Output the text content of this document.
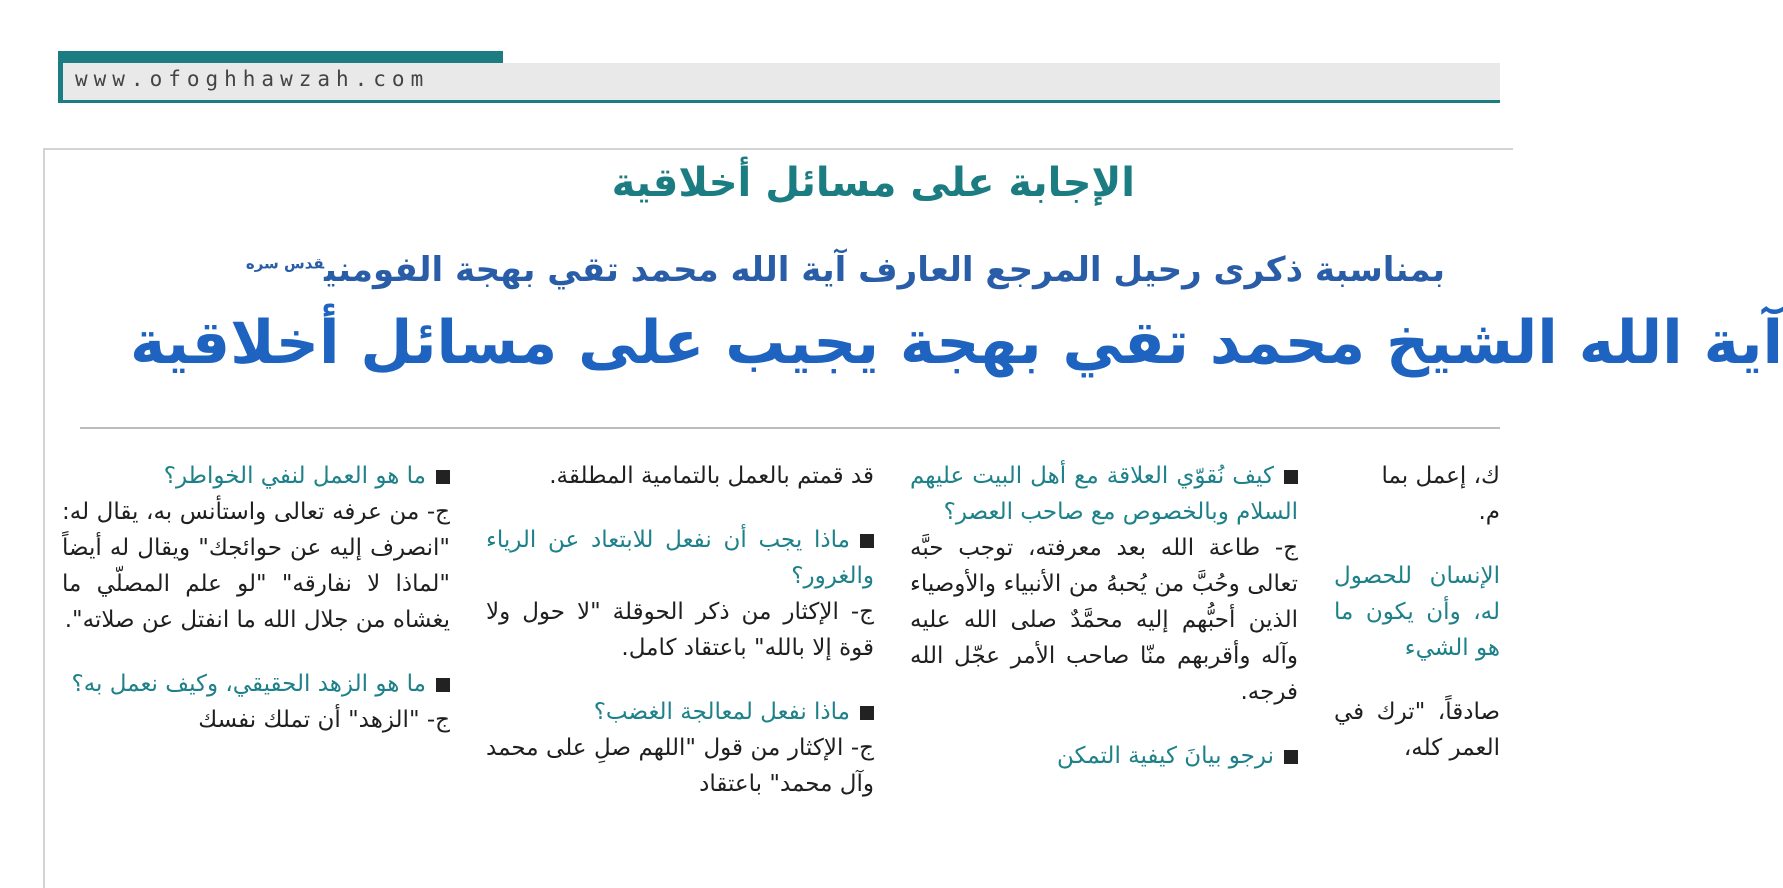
www.ofoghhawzah.com
الإجابة على مسائل أخلاقية
بمناسبة ذكرى رحيل المرجع العارف آية الله محمد تقي بهجة الفومني$^{قدس سره}$
آية الله الشيخ محمد تقي بهجة يجيب على مسائل أخلاقية

ما هو العمل لنفي الخواطر؟

ج- من عرفه تعالى واستأنس به، يقال له: "انصرف إليه عن حوائجك" ويقال له أيضاً "لماذا لا نفارقه" "لو علم المصلّي ما يغشاه من جلال الله ما انفتل عن صلاته".

ما هو الزهد الحقيقي، وكيف نعمل به؟

ج- "الزهد" أن تملك نفسك

قد قمتم بالعمل بالتمامية المطلقة.

ماذا يجب أن نفعل للابتعاد عن الرياء والغرور؟

ج- الإكثار من ذكر الحوقلة "لا حول ولا قوة إلا بالله" باعتقاد كامل.

ماذا نفعل لمعالجة الغضب؟

ج- الإكثار من قول "اللهم صلِ على محمد وآل محمد" باعتقاد

كيف نُقوّي العلاقة مع أهل البيت عليهم السلام وبالخصوص مع صاحب العصر؟

ج- طاعة الله بعد معرفته، توجب حبَّه تعالى وحُبَّ من يُحبهُ من الأنبياء والأوصياء الذين أحبُّهم إليه محمَّدٌ صلى الله عليه وآله وأقربهم منّا صاحب الأمر عجّل الله فرجه.

نرجو بيانَ كيفية التمكن

ك، إعمل بما

م.

الإنسان للحصول له، وأن يكون ما هو الشيء

صادقاً، "ترك في العمر كله،
